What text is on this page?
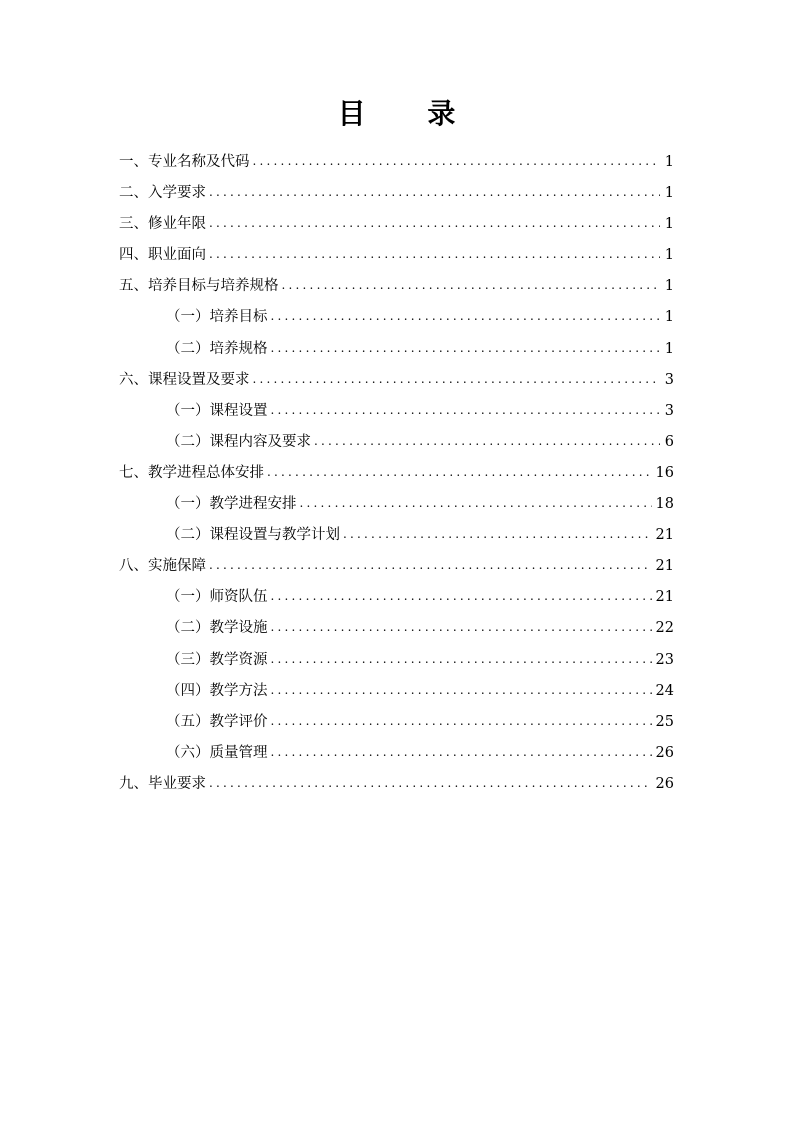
目 录
一、专业名称及代码 .....	1
二、入学要求 .....	1
三、修业年限 .....	1
四、职业面向 .....	1
五、培养目标与培养规格 .....	1
（一）培养目标 .....	1
（二）培养规格 .....	1
六、课程设置及要求 .....	3
（一）课程设置 .....	3
（二）课程内容及要求 .....	6
七、教学进程总体安排 .....	16
（一）教学进程安排 .....	18
（二）课程设置与教学计划 .....	21
八、实施保障 .....	21
（一）师资队伍 .....	21
（二）教学设施 .....	22
（三）教学资源 .....	23
（四）教学方法 .....	24
（五）教学评价 .....	25
（六）质量管理 .....	26
九、毕业要求 .....	26
